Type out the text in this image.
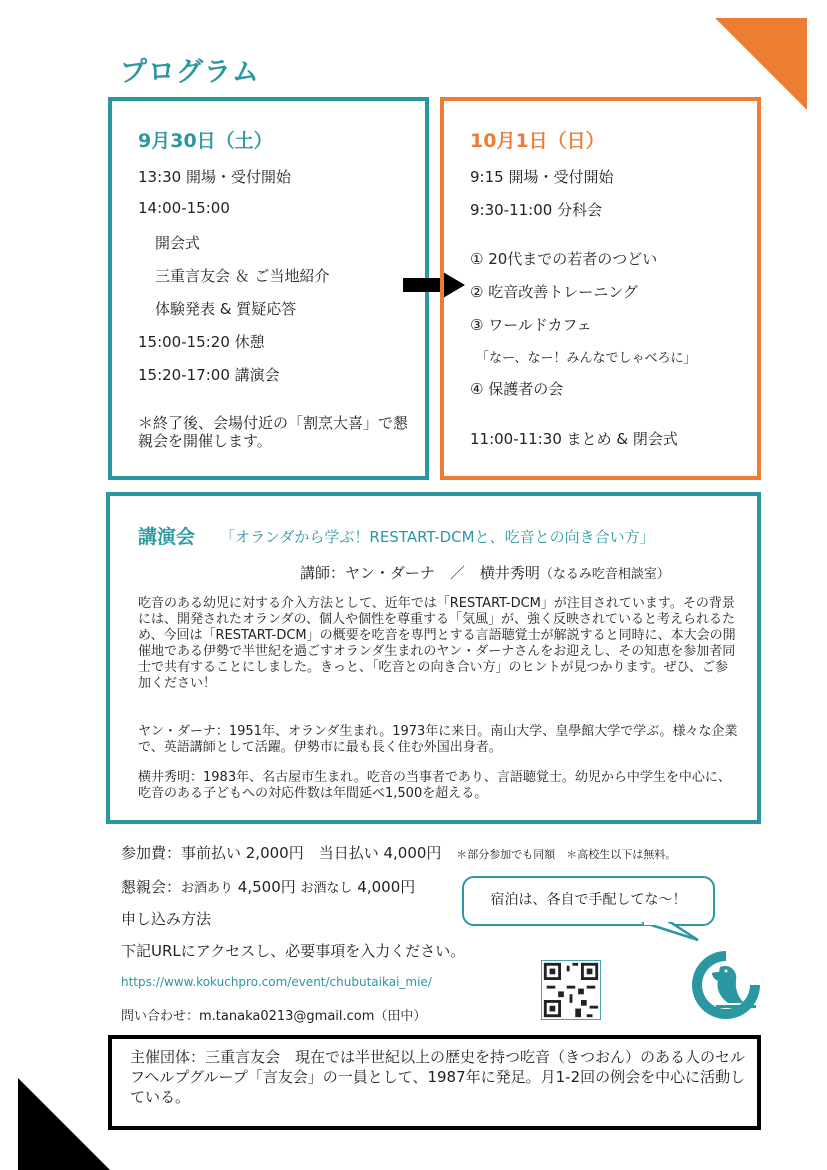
プログラム
9月30日（土）
13:30 開場・受付開始
14:00-15:00
開会式
三重言友会 ＆ ご当地紹介
体験発表 & 質疑応答
15:00-15:20 休憩
15:20-17:00 講演会
＊終了後、会場付近の「割烹大喜」で懇親会を開催します。
10月1日（日）
9:15 開場・受付開始
9:30-11:00 分科会
① 20代までの若者のつどい
② 吃音改善トレーニング
③ ワールドカフェ
「なー、なー！みんなでしゃべろに」
④ 保護者の会
11:00-11:30 まとめ & 閉会式
講演会 「オランダから学ぶ！RESTART-DCMと、吃音との向き合い方」
講師：ヤン・ダーナ　／　横井秀明（なるみ吃音相談室）
吃音のある幼児に対する介入方法として、近年では「RESTART-DCM」が注目されています。その背景には、開発されたオランダの、個人や個性を尊重する「気風」が、強く反映されていると考えられるため、今回は「RESTART-DCM」の概要を吃音を専門とする言語聴覚士が解説すると同時に、本大会の開催地である伊勢で半世紀を過ごすオランダ生まれのヤン・ダーナさんをお迎えし、その知恵を参加者同士で共有することにしました。きっと、「吃音との向き合い方」のヒントが見つかります。ぜひ、ご参加ください！
ヤン・ダーナ：1951年、オランダ生まれ。1973年に来日。南山大学、皇學館大学で学ぶ。様々な企業で、英語講師として活躍。伊勢市に最も長く住む外国出身者。
横井秀明：1983年、名古屋市生まれ。吃音の当事者であり、言語聴覚士。幼児から中学生を中心に、吃音のある子どもへの対応件数は年間延べ1,500を超える。
参加費：事前払い 2,000円　当日払い 4,000円 ＊部分参加でも同額　＊高校生以下は無料。
懇親会：お酒あり 4,500円 お酒なし 4,000円
申し込み方法
下記URLにアクセスし、必要事項を入力ください。
https://www.kokuchpro.com/event/chubutaikai_mie/
問い合わせ：m.tanaka0213@gmail.com（田中）
宿泊は、各自で手配してな〜！
主催団体：三重言友会　現在では半世紀以上の歴史を持つ吃音（きつおん）のある人のセルフヘルプグループ「言友会」の一員として、1987年に発足。月1-2回の例会を中心に活動している。
